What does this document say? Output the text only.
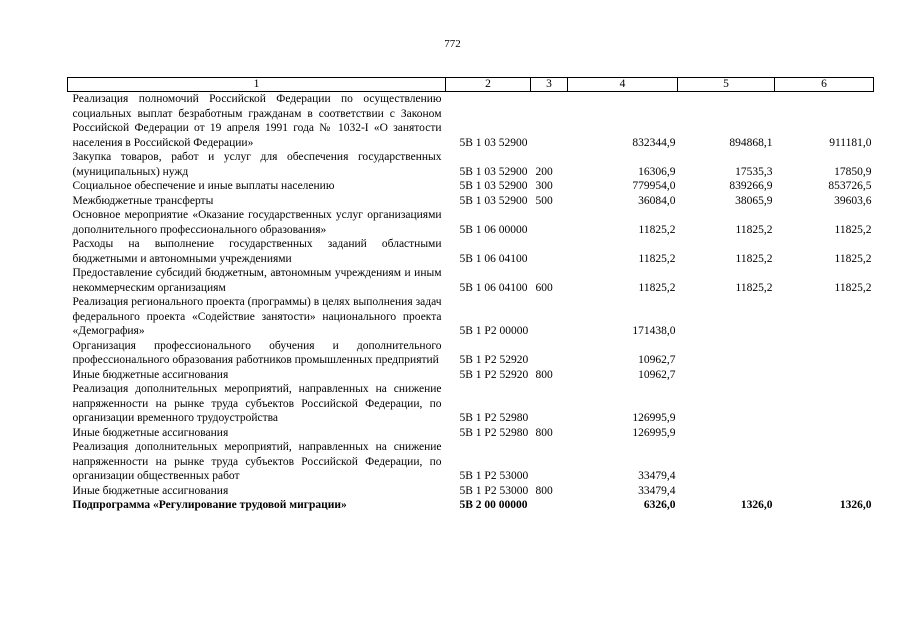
772
1	2	3	4	5	6
Реализация полномочий Российской Федерации по осуществлению социальных выплат безработным гражданам в соответствии с Законом Российской Федерации от 19 апреля 1991 года № 1032-I «О занятости населения в Российской Федерации»	5В 1 03 52900		832344,9	894868,1	911181,0
Закупка товаров, работ и услуг для обеспечения государственных (муниципальных) нужд	5В 1 03 52900	200	16306,9	17535,3	17850,9
Социальное обеспечение и иные выплаты населению	5В 1 03 52900	300	779954,0	839266,9	853726,5
Межбюджетные трансферты	5В 1 03 52900	500	36084,0	38065,9	39603,6
Основное мероприятие «Оказание государственных услуг организациями дополнительного профессионального образования»	5В 1 06 00000		11825,2	11825,2	11825,2
Расходы на выполнение государственных заданий областными бюджетными и автономными учреждениями	5В 1 06 04100		11825,2	11825,2	11825,2
Предоставление субсидий бюджетным, автономным учреждениям и иным некоммерческим организациям	5В 1 06 04100	600	11825,2	11825,2	11825,2
Реализация регионального проекта (программы) в целях выполнения задач федерального проекта «Содействие занятости» национального проекта «Демография»	5В 1 Р2 00000		171438,0		
Организация профессионального обучения и дополнительного профессионального образования работников промышленных предприятий	5В 1 Р2 52920		10962,7		
Иные бюджетные ассигнования	5В 1 Р2 52920	800	10962,7		
Реализация дополнительных мероприятий, направленных на снижение напряженности на рынке труда субъектов Российской Федерации, по организации временного трудоустройства	5В 1 Р2 52980		126995,9		
Иные бюджетные ассигнования	5В 1 Р2 52980	800	126995,9		
Реализация дополнительных мероприятий, направленных на снижение напряженности на рынке труда субъектов Российской Федерации, по организации общественных работ	5В 1 Р2 53000		33479,4		
Иные бюджетные ассигнования	5В 1 Р2 53000	800	33479,4		
Подпрограмма «Регулирование трудовой миграции»	5В 2 00 00000		6326,0	1326,0	1326,0
